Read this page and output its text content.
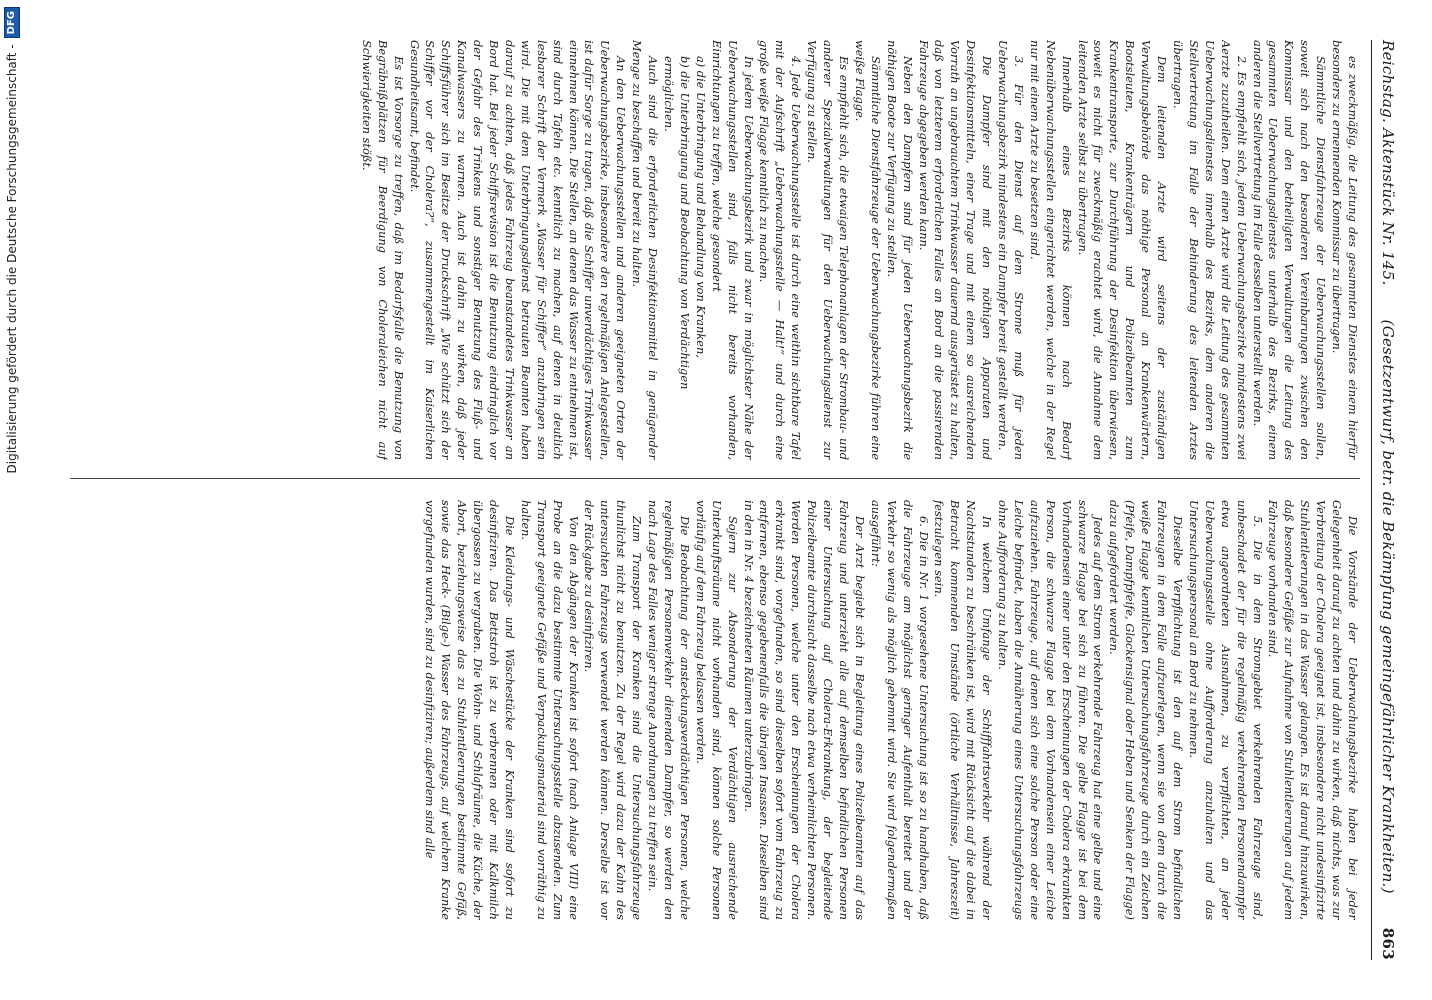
Reichstag. Aktenstück Nr. 145.
(Gesetzentwurf, betr. die Bekämpfung gemeingefährlicher Krankheiten.)
863

es zweckmäßig, die Leitung des gesammten Dienstes einem hierfür besonders zu ernennenden Kommissar zu übertragen.

Sämmtliche Dienstfahrzeuge der Ueberwachungsstellen sollen, soweit sich nach den besonderen Vereinbarungen zwischen den Kommissar und den betheiligten Verwaltungen die Leitung des gesammten Ueberwachungsdienstes unterhalb des Bezirks, einem anderen die Stellvertretung im Falle desselben unterstellt werden.

2. Es empfiehlt sich, jedem Ueberwachungsbezirke mindestens zwei Aerzte zuzutheilen. Dem einen Arzte wird die Leitung des gesammten Ueberwachungsdienstes innerhalb des Bezirks, dem anderen die Stellvertretung im Falle der Behinderung des leitenden Arztes übertragen.

Dem leitenden Arzte wird seitens der zuständigen Verwaltungsbehörde das nöthige Personal an Krankenwärtern, Bootsleuten, Krankenträgern und Polizeibeamten zum Krankentransporte, zur Durchführung der Desinfektion überwiesen, soweit es nicht für zweckmäßig erachtet wird, die Annahme dem leitenden Arzte selbst zu übertragen.

Innerhalb eines Bezirks können nach Bedarf Nebenüberwachungsstellen eingerichtet werden, welche in der Regel nur mit einem Arzte zu besetzen sind.

3. Für den Dienst auf dem Strome muß für jeden Ueberwachungsbezirk mindestens ein Dampfer bereit gestellt werden.

Die Dampfer sind mit den nöthigen Apparaten und Desinfektionsmitteln, einer Trage und mit einem so ausreichenden Vorrath an ungebrauchtem Trinkwasser dauernd ausgerüstet zu halten, daß von letzterem erforderlichen Falles an Bord an die passirenden Fahrzeuge abgegeben werden kann.

Neben den Dampfern sind für jeden Ueberwachungsbezirk die nöthigen Boote zur Verfügung zu stellen.

Sämmtliche Dienstfahrzeuge der Ueberwachungsbezirke führen eine weiße Flagge.

Es empfiehlt sich, die etwaigen Telephonanlagen der Strombau- und anderer Spezialverwaltungen für den Ueberwachungsdienst zur Verfügung zu stellen.

4. Jede Ueberwachungsstelle ist durch eine weithin sichtbare Tafel mit der Aufschrift „Ueberwachungsstelle — Halt!“ und durch eine große weiße Flagge kenntlich zu machen.

In jedem Ueberwachungsbezirk und zwar in möglichster Nähe der Ueberwachungsstellen sind, falls nicht bereits vorhanden, Einrichtungen zu treffen, welche gesondert

a) die Unterbringung und Behandlung von Kranken,

b) die Unterbringung und Beobachtung von Verdächtigen

ermöglichen.

Auch sind die erforderlichen Desinfektionsmittel in genügender Menge zu beschaffen und bereit zu halten.

An den Ueberwachungsstellen und anderen geeigneten Orten der Ueberwachungsbezirke, insbesondere den regelmäßigen Anlegestellen, ist dafür Sorge zu tragen, daß die Schiffer unverdächtiges Trinkwasser einnehmen können. Die Stellen, an denen das Wasser zu entnehmen ist, sind durch Tafeln etc. kenntlich zu machen, auf denen in deutlich lesbarer Schrift der Vermerk „Wasser für Schiffer“ anzubringen sein wird. Die mit dem Unterbringungsdienst betrauten Beamten haben darauf zu achten, daß jedes Fahrzeug beanstandetes Trinkwasser an Bord hat. Bei jeder Schiffsrevision ist die Benutzung eindringlich vor der Gefahr des Trinkens und sonstiger Benutzung des Fluß- und Kanalwassers zu warnen. Auch ist dahin zu wirken, daß jeder Schiffsführer sich im Besitze der Druckschrift „Wie schützt sich der Schiffer vor der Cholera?“, zusammengestellt im Kaiserlichen Gesundheitsamt, befindet.

Es ist Vorsorge zu treffen, daß im Bedarfsfalle die Benutzung von Begräbnißplätzen für Beerdigung von Choleraleichen nicht auf Schwierigkeiten stößt.

Die Vorstände der Ueberwachungsbezirke haben bei jeder Gelegenheit darauf zu achten und dahin zu wirken, daß nichts, was zur Verbreitung der Cholera geeignet ist, insbesondere nicht undesinfizirte Stuhlentleerungen in das Wasser gelangen. Es ist darauf hinzuwirken, daß besondere Gefäße zur Aufnahme von Stuhlentleerungen auf jedem Fahrzeuge vorhanden sind.

5. Die in dem Stromgebiet verkehrenden Fahrzeuge sind, unbeschadet der für die regelmäßig verkehrenden Personendampfer etwa angeordneten Ausnahmen, zu verpflichten, an jeder Ueberwachungsstelle ohne Aufforderung anzuhalten und das Untersuchungspersonal an Bord zu nehmen.

Dieselbe Verpflichtung ist den auf dem Strom befindlichen Fahrzeugen in dem Falle aufzuerlegen, wenn sie von dem durch die weiße Flagge kenntlichen Untersuchungsfahrzeuge durch ein Zeichen (Pfeife, Dampfpfeife, Glockensignal oder Heben und Senken der Flagge) dazu aufgefordert werden.

Jedes auf dem Strom verkehrende Fahrzeug hat eine gelbe und eine schwarze Flagge bei sich zu führen. Die gelbe Flagge ist bei dem Vorhandensein einer unter den Erscheinungen der Cholera erkrankten Person, die schwarze Flagge bei dem Vorhandensein einer Leiche aufzuziehen. Fahrzeuge, auf denen sich eine solche Person oder eine Leiche befindet, haben die Annäherung eines Untersuchungsfahrzeugs ohne Aufforderung zu halten.

In welchem Umfange der Schifffahrtsverkehr während der Nachtstunden zu beschränken ist, wird mit Rücksicht auf die dabei in Betracht kommenden Umstände (örtliche Verhältnisse, Jahreszeit) festzulegen sein.

6. Die in Nr. 1 vorgesehene Untersuchung ist so zu handhaben, daß die Fahrzeuge am möglichst geringer Aufenthalt bereitet und der Verkehr so wenig als möglich gehemmt wird. Sie wird folgendermaßen ausgeführt:

Der Arzt begiebt sich in Begleitung eines Polizeibeamten auf das Fahrzeug und unterzieht alle auf demselben befindlichen Personen einer Untersuchung auf Cholera-Erkrankung, der begleitende Polizeibeamte durchsucht dasselbe nach etwa verheimlichten Personen. Werden Personen, welche unter den Erscheinungen der Cholera erkrankt sind, vorgefunden, so sind dieselben sofort vom Fahrzeug zu entfernen, ebenso gegebenenfalls die übrigen Insassen. Dieselben sind in den in Nr. 4 bezeichneten Räumen unterzubringen.

Sojern zur Absonderung der Verdächtigen ausreichende Unterkunftsräume nicht vorhanden sind, können solche Personen vorläufig auf dem Fahrzeug belassen werden.

Die Beobachtung der ansteckungsverdächtigen Personen, welche regelmäßigen Personenverkehr dienenden Dampfer, so werden den nach Lage des Falles weniger strenge Anordnungen zu treffen sein.

Zum Transport der Kranken sind die Untersuchungsfahrzeuge thunlichst nicht zu benutzen. Zu der Regel wird dazu der Kahn des untersuchten Fahrzeugs verwendet werden können. Derselbe ist vor der Rückgabe zu desinfiziren.

Von den Abgängen der Kranken ist sofort (nach Anlage VIII) eine Probe an die dazu bestimmte Untersuchungsstelle abzusenden. Zum Transport geeignete Gefäße und Verpackungsmaterial sind vorräthig zu halten.

Die Kleidungs- und Wäschestücke der Kranken sind sofort zu desinfiziren. Das Bettstroh ist zu verbrennen oder mit Kalkmilch übergossen zu vergraben. Die Wohn- und Schlafräume, die Küche, der Abort, beziehungsweise das zu Stuhlentleerungen bestimmte Gefäß, sowie das Heck- (Bilge-) Wasser des Fahrzeugs, auf welchem Kranke vorgefunden wurden, sind zu desinfiziren; außerdem sind alle

Digitalisierung gefördert durch die Deutsche Forschungsgemeinschaft -
DFG
